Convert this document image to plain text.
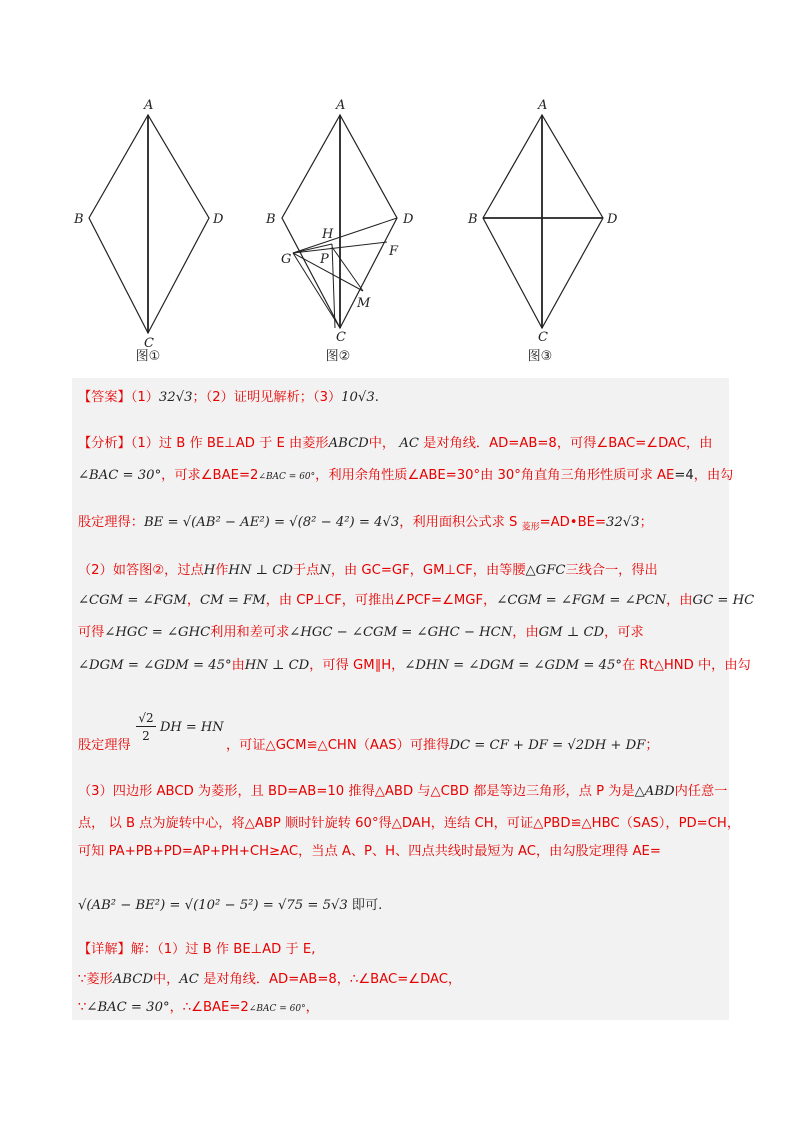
A
B
C
D
图①
A
B
C
D
H
G P
F
M
图②
A
B
C
D
图③
【答案】（1）32√3；（2）证明见解析；（3）10√3.
【分析】（1）过 B 作 BE⊥AD 于 E 由菱形ABCD中， AC 是对角线．AD=AB=8，可得∠BAC=∠DAC，由
∠BAC = 30°，可求∠BAE=2∠BAC = 60°，利用余角性质∠ABE=30°由 30°角直角三角形性质可求 AE=4，由勾
股定理得：BE = √(AB² − AE²) = √(8² − 4²) = 4√3，利用面积公式求 S $_{菱形}$=AD•BE=32√3；
（2）如答图②，过点H作HN ⊥ CD于点N，由 GC=GF，GM⊥CF，由等腰△GFC三线合一，得出
∠CGM = ∠FGM，CM = FM，由 CP⊥CF，可推出∠PCF=∠MGF，∠CGM = ∠FGM = ∠PCN，由GC = HC
可得∠HGC = ∠GHC利用和差可求∠HGC − ∠CGM = ∠GHC − HCN，由GM ⊥ CD，可求
∠DGM = ∠GDM = 45°由HN ⊥ CD，可得 GM∥H，∠DHN = ∠DGM = ∠GDM = 45°在 Rt△HND 中，由勾
股定理得
√2
2
DH = HN
，可证△GCM≌△CHN（AAS）可推得DC = CF + DF = √2DH + DF；
（3）四边形 ABCD 为菱形，且 BD=AB=10 推得△ABD 与△CBD 都是等边三角形，点 P 为是△ABD内任意一
点， 以 B 点为旋转中心，将△ABP 顺时针旋转 60°得△DAH，连结 CH，可证△PBD≌△HBC（SAS），PD=CH，
可知 PA+PB+PD=AP+PH+CH≥AC，当点 A、P、H、四点共线时最短为 AC，由勾股定理得 AE=
√(AB² − BE²) = √(10² − 5²) = √75 = 5√3 即可.
【详解】解：（1）过 B 作 BE⊥AD 于 E,
∵菱形ABCD中，AC 是对角线．AD=AB=8，∴∠BAC=∠DAC，
∵∠BAC = 30°，∴∠BAE=2∠BAC = 60°，
